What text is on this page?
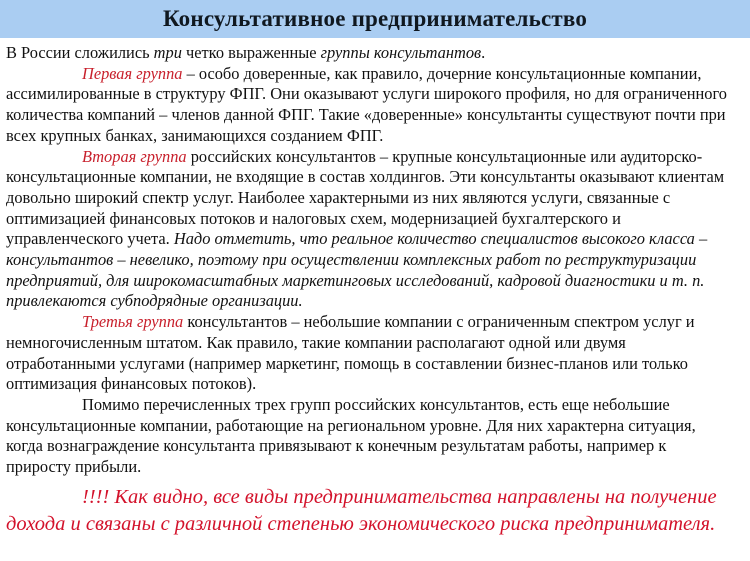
Консультативное предпринимательство
В России сложились три четко выраженные группы консультантов.
Первая группа – особо доверенные, как правило, дочерние консультационные компании,
ассимилированные в структуру ФПГ. Они оказывают услуги широкого профиля, но для ограниченного
количества компаний – членов данной ФПГ. Такие «доверенные» консультанты существуют почти при
всех крупных банках, занимающихся созданием ФПГ.
Вторая группа российских консультантов – крупные консультационные или аудиторско-
консультационные компании, не входящие в состав холдингов. Эти консультанты оказывают клиентам
довольно широкий спектр услуг. Наиболее характерными из них являются услуги, связанные с
оптимизацией финансовых потоков и налоговых схем, модернизацией бухгалтерского и
управленческого учета. Надо отметить, что реальное количество специалистов высокого класса –
консультантов – невелико, поэтому при осуществлении комплексных работ по реструктуризации
предприятий, для широкомасштабных маркетинговых исследований, кадровой диагностики и т. п.
привлекаются субподрядные организации.
Третья группа консультантов – небольшие компании с ограниченным спектром услуг и
немногочисленным штатом. Как правило, такие компании располагают одной или двумя
отработанными услугами (например маркетинг, помощь в составлении бизнес-планов или только
оптимизация финансовых потоков).
Помимо перечисленных трех групп российских консультантов, есть еще небольшие
консультационные компании, работающие на региональном уровне. Для них характерна ситуация,
когда вознаграждение консультанта привязывают к конечным результатам работы, например к
приросту прибыли.
!!!! Как видно, все виды предпринимательства направлены на получение
дохода и связаны с различной степенью экономического риска предпринимателя.
